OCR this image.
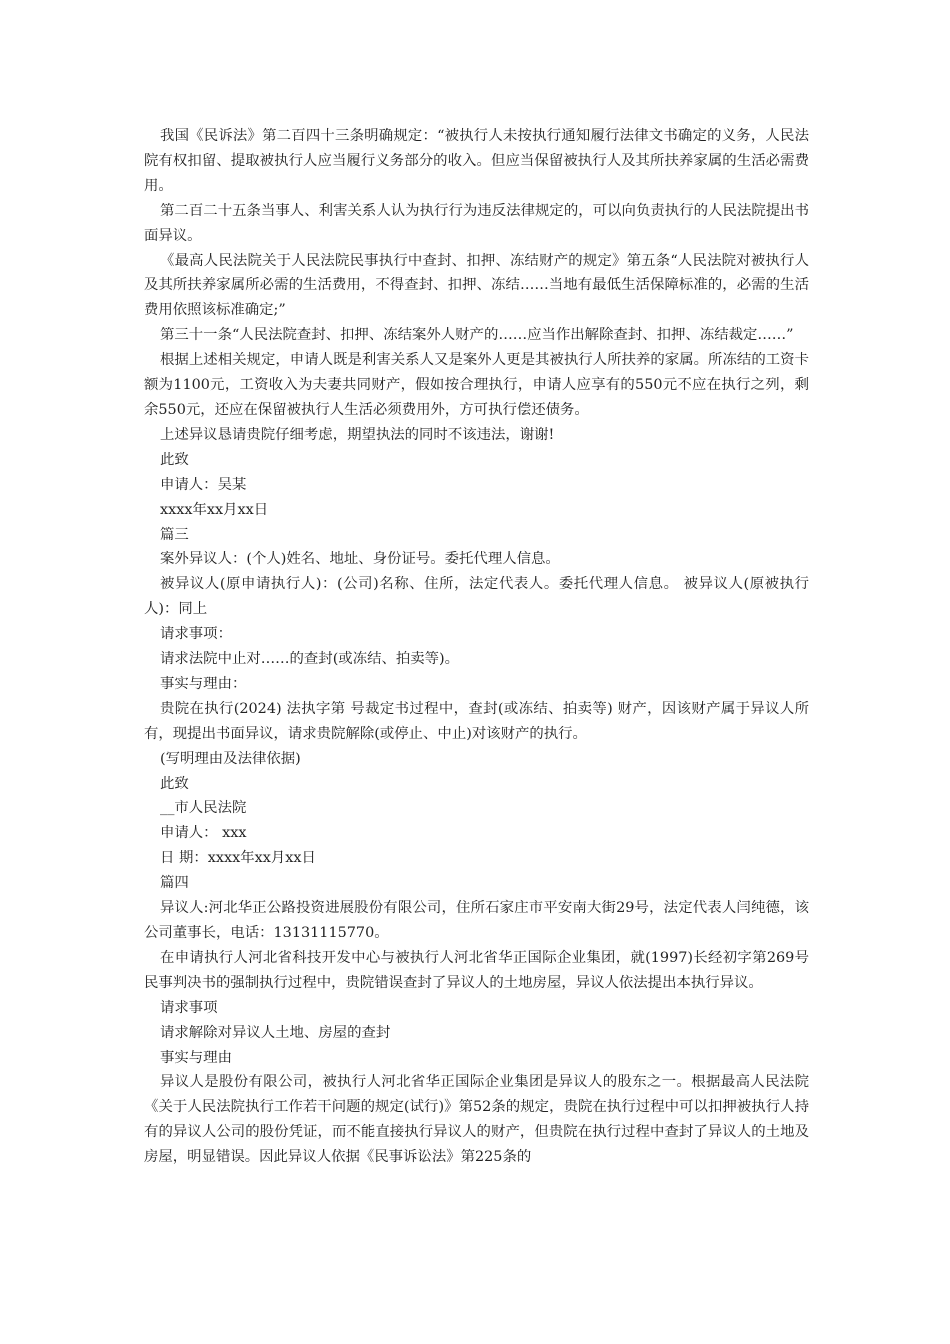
我国《民诉法》第二百四十三条明确规定：“被执行人未按执行通知履行法律文书确定的义务，人民法院有权扣留、提取被执行人应当履行义务部分的收入。但应当保留被执行人及其所扶养家属的生活必需费用。

第二百二十五条当事人、利害关系人认为执行行为违反法律规定的，可以向负责执行的人民法院提出书面异议。

《最高人民法院关于人民法院民事执行中查封、扣押、冻结财产的规定》第五条“人民法院对被执行人及其所扶养家属所必需的生活费用，不得查封、扣押、冻结……当地有最低生活保障标准的，必需的生活费用依照该标准确定;”

第三十一条“人民法院查封、扣押、冻结案外人财产的……应当作出解除查封、扣押、冻结裁定……”

根据上述相关规定，申请人既是利害关系人又是案外人更是其被执行人所扶养的家属。所冻结的工资卡额为1100元，工资收入为夫妻共同财产，假如按合理执行，申请人应享有的550元不应在执行之列，剩余550元，还应在保留被执行人生活必须费用外，方可执行偿还债务。

上述异议恳请贵院仔细考虑，期望执法的同时不该违法，谢谢!

此致

申请人：吴某

xxxx年xx月xx日

篇三

案外异议人：(个人)姓名、地址、身份证号。委托代理人信息。

被异议人(原申请执行人)：(公司)名称、住所，法定代表人。委托代理人信息。 被异议人(原被执行人)：同上

请求事项：

请求法院中止对……的查封(或冻结、拍卖等)。

事实与理由：

贵院在执行(2024) 法执字第 号裁定书过程中，查封(或冻结、拍卖等) 财产，因该财产属于异议人所有，现提出书面异议，请求贵院解除(或停止、中止)对该财产的执行。

(写明理由及法律依据)

此致

__市人民法院

申请人： xxx

日 期：xxxx年xx月xx日

篇四

异议人:河北华正公路投资进展股份有限公司，住所石家庄市平安南大街29号，法定代表人闫纯德，该公司董事长，电话：13131115770。

在申请执行人河北省科技开发中心与被执行人河北省华正国际企业集团，就(1997)长经初字第269号民事判决书的强制执行过程中，贵院错误查封了异议人的土地房屋，异议人依法提出本执行异议。

请求事项

请求解除对异议人土地、房屋的查封

事实与理由

异议人是股份有限公司，被执行人河北省华正国际企业集团是异议人的股东之一。根据最高人民法院《关于人民法院执行工作若干问题的规定(试行)》第52条的规定，贵院在执行过程中可以扣押被执行人持有的异议人公司的股份凭证，而不能直接执行异议人的财产，但贵院在执行过程中查封了异议人的土地及房屋，明显错误。因此异议人依据《民事诉讼法》第225条的
